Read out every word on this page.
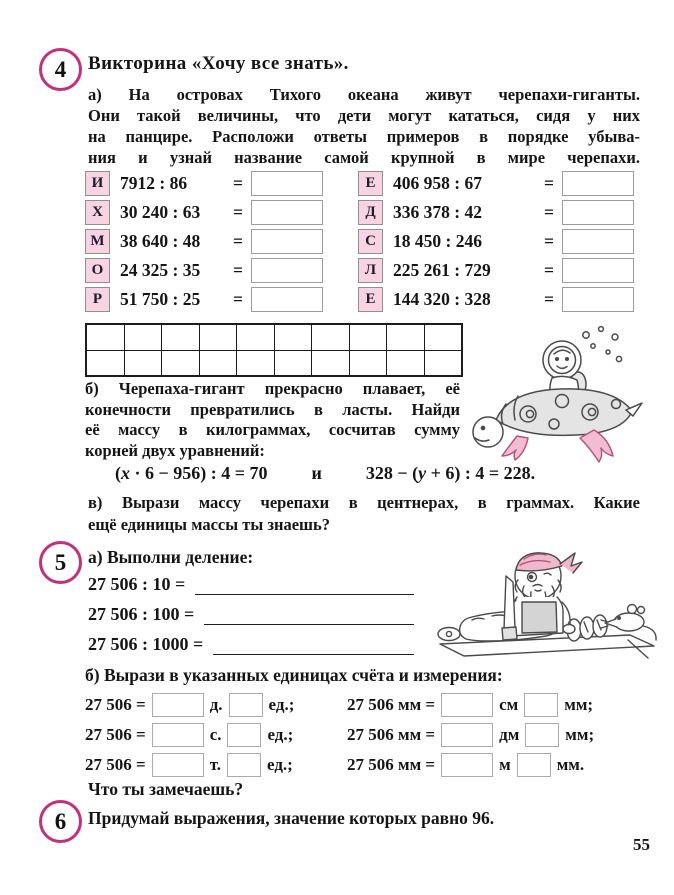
4	Викторина «Хочу все знать».
а) На островах Тихого океана живут черепахи-гиганты.
Они такой величины, что дети могут кататься, сидя у них
на панцире. Расположи ответы примеров в порядке убыва-
ния и узнай название самой крупной в мире черепахи.
И 7912 : 86	=
Х 30 240 : 63 =
М 38 640 : 48 =
О 24 325 : 35 =
Р	51 750 : 25 =
Е	406 958 : 67	=
Д 336 378 : 42	=
С 18 450 : 246	=
Л 225 261 : 729	=
Е	144 320 : 328	=
б) Черепаха-гигант прекрасно плавает, её
конечности превратились в ласты. Найди
её массу в килограммах, сосчитав сумму
корней двух уравнений:
(x · 6 − 956) : 4 = 70 и 328 − (y + 6) : 4 = 228.
в) Вырази массу черепахи в центнерах, в граммах. Какие
ещё единицы массы ты знаешь?
5	а) Выполни деление:
27 506 : 10 =
27 506 : 100 =
27 506 : 1000 =
б) Вырази в указанных единицах счёта и измерения:
27 506 =	д.	ед.;	27 506 мм =	см	мм;
27 506 =	с.	ед.;	27 506 мм =	дм	мм;
27 506 =	т.	ед.;	27 506 мм =	м	мм.
Что ты замечаешь?
6	Придумай выражения, значение которых равно 96.
55
